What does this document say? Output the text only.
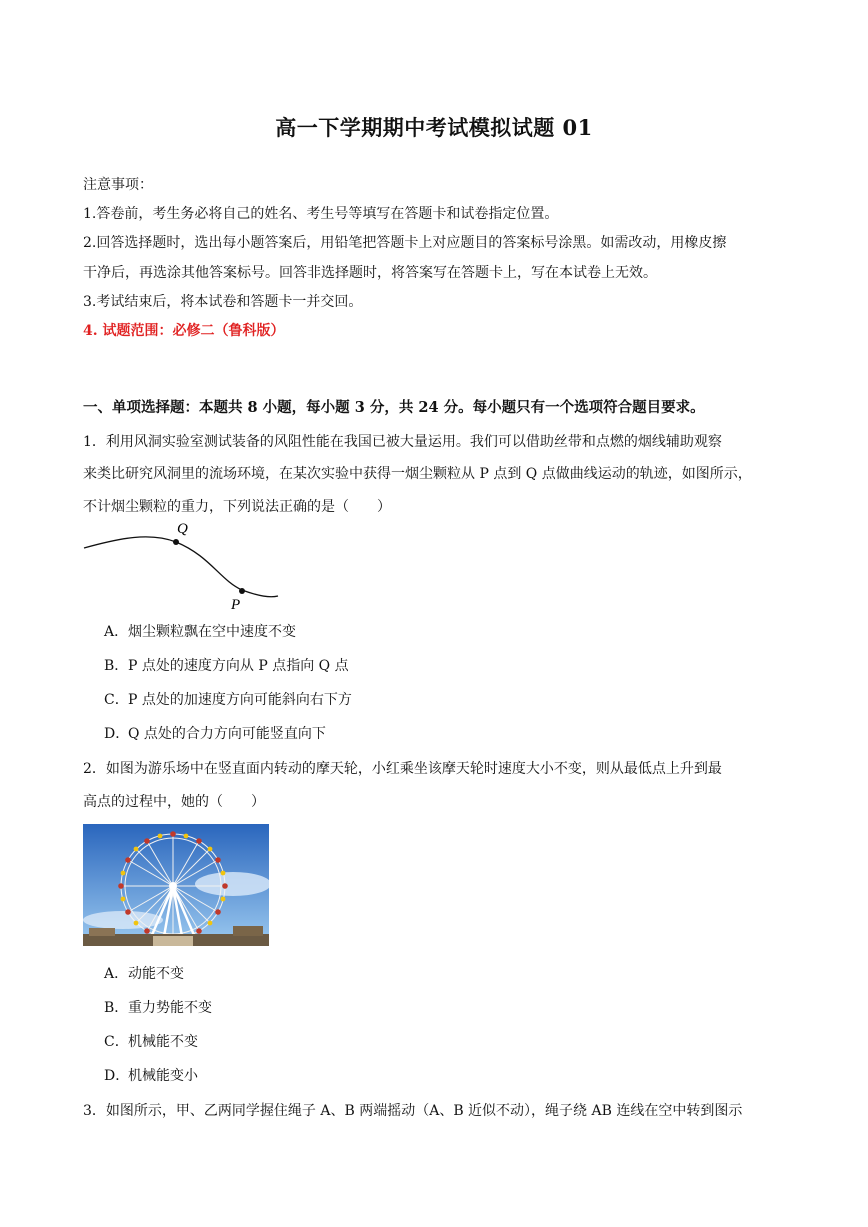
高一下学期期中考试模拟试题 01
注意事项：
1.答卷前，考生务必将自己的姓名、考生号等填写在答题卡和试卷指定位置。
2.回答选择题时，选出每小题答案后，用铅笔把答题卡上对应题目的答案标号涂黑。如需改动，用橡皮擦
干净后，再选涂其他答案标号。回答非选择题时，将答案写在答题卡上，写在本试卷上无效。
3.考试结束后，将本试卷和答题卡一并交回。
4. 试题范围：必修二（鲁科版）
一、单项选择题：本题共 8 小题，每小题 3 分，共 24 分。每小题只有一个选项符合题目要求。
1．利用风洞实验室测试装备的风阻性能在我国已被大量运用。我们可以借助丝带和点燃的烟线辅助观察
来类比研究风洞里的流场环境，在某次实验中获得一烟尘颗粒从 P 点到 Q 点做曲线运动的轨迹，如图所示，
不计烟尘颗粒的重力，下列说法正确的是（　　）
Q
P
A．烟尘颗粒飘在空中速度不变
B．P 点处的速度方向从 P 点指向 Q 点
C．P 点处的加速度方向可能斜向右下方
D．Q 点处的合力方向可能竖直向下
2．如图为游乐场中在竖直面内转动的摩天轮，小红乘坐该摩天轮时速度大小不变，则从最低点上升到最
高点的过程中，她的（　　）
A．动能不变
B．重力势能不变
C．机械能不变
D．机械能变小
3．如图所示，甲、乙两同学握住绳子 A、B 两端摇动（A、B 近似不动），绳子绕 AB 连线在空中转到图示
